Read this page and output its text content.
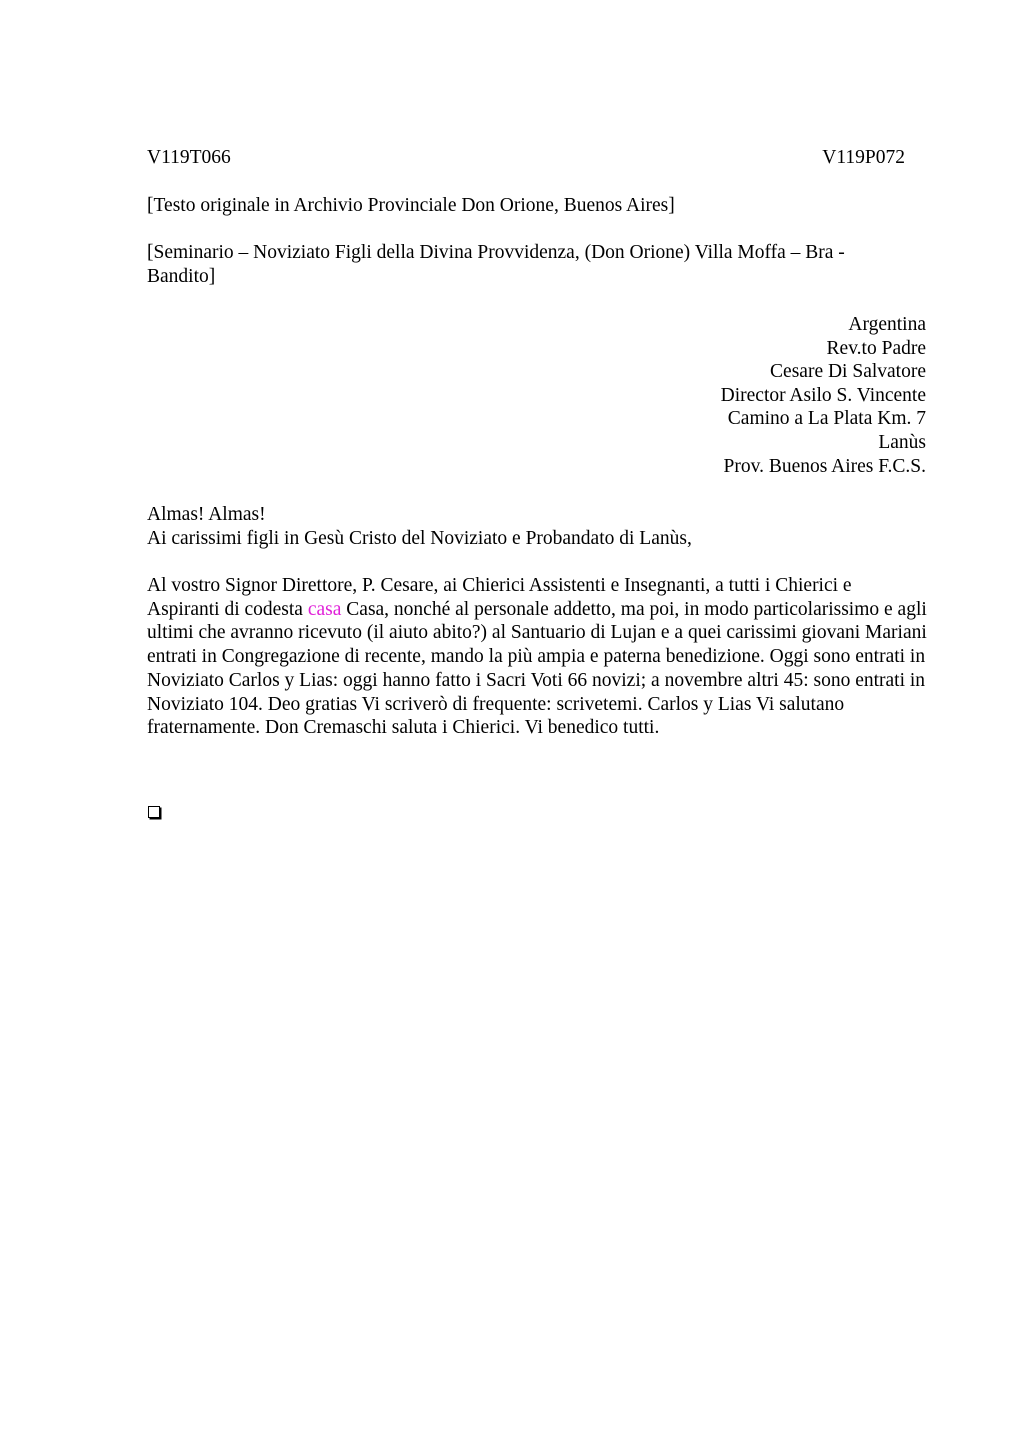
V119T066	V119P072
[Testo originale in Archivio Provinciale Don Orione, Buenos Aires]
[Seminario – Noviziato Figli della Divina Provvidenza, (Don Orione) Villa Moffa – Bra - Bandito]
Argentina
Rev.to Padre
Cesare Di Salvatore
Director Asilo S. Vincente
Camino a La Plata Km. 7
Lanùs
Prov. Buenos Aires F.C.S.
Almas! Almas!
Ai carissimi figli in Gesù Cristo del Noviziato e Probandato di Lanùs,
Al vostro Signor Direttore, P. Cesare, ai Chierici Assistenti e Insegnanti, a tutti i Chierici e Aspiranti di codesta casa Casa, nonché al personale addetto, ma poi, in modo particolarissimo e agli ultimi che avranno ricevuto (il aiuto abito?) al Santuario di Lujan e a quei carissimi giovani Mariani entrati in Congregazione di recente, mando la più ampia e paterna benedizione. Oggi sono entrati in Noviziato Carlos y Lias: oggi hanno fatto i Sacri Voti 66 novizi; a novembre altri 45: sono entrati in Noviziato 104. Deo gratias Vi scriverò di frequente: scrivetemi. Carlos y Lias Vi salutano fraternamente. Don Cremaschi saluta i Chierici. Vi benedico tutti.
